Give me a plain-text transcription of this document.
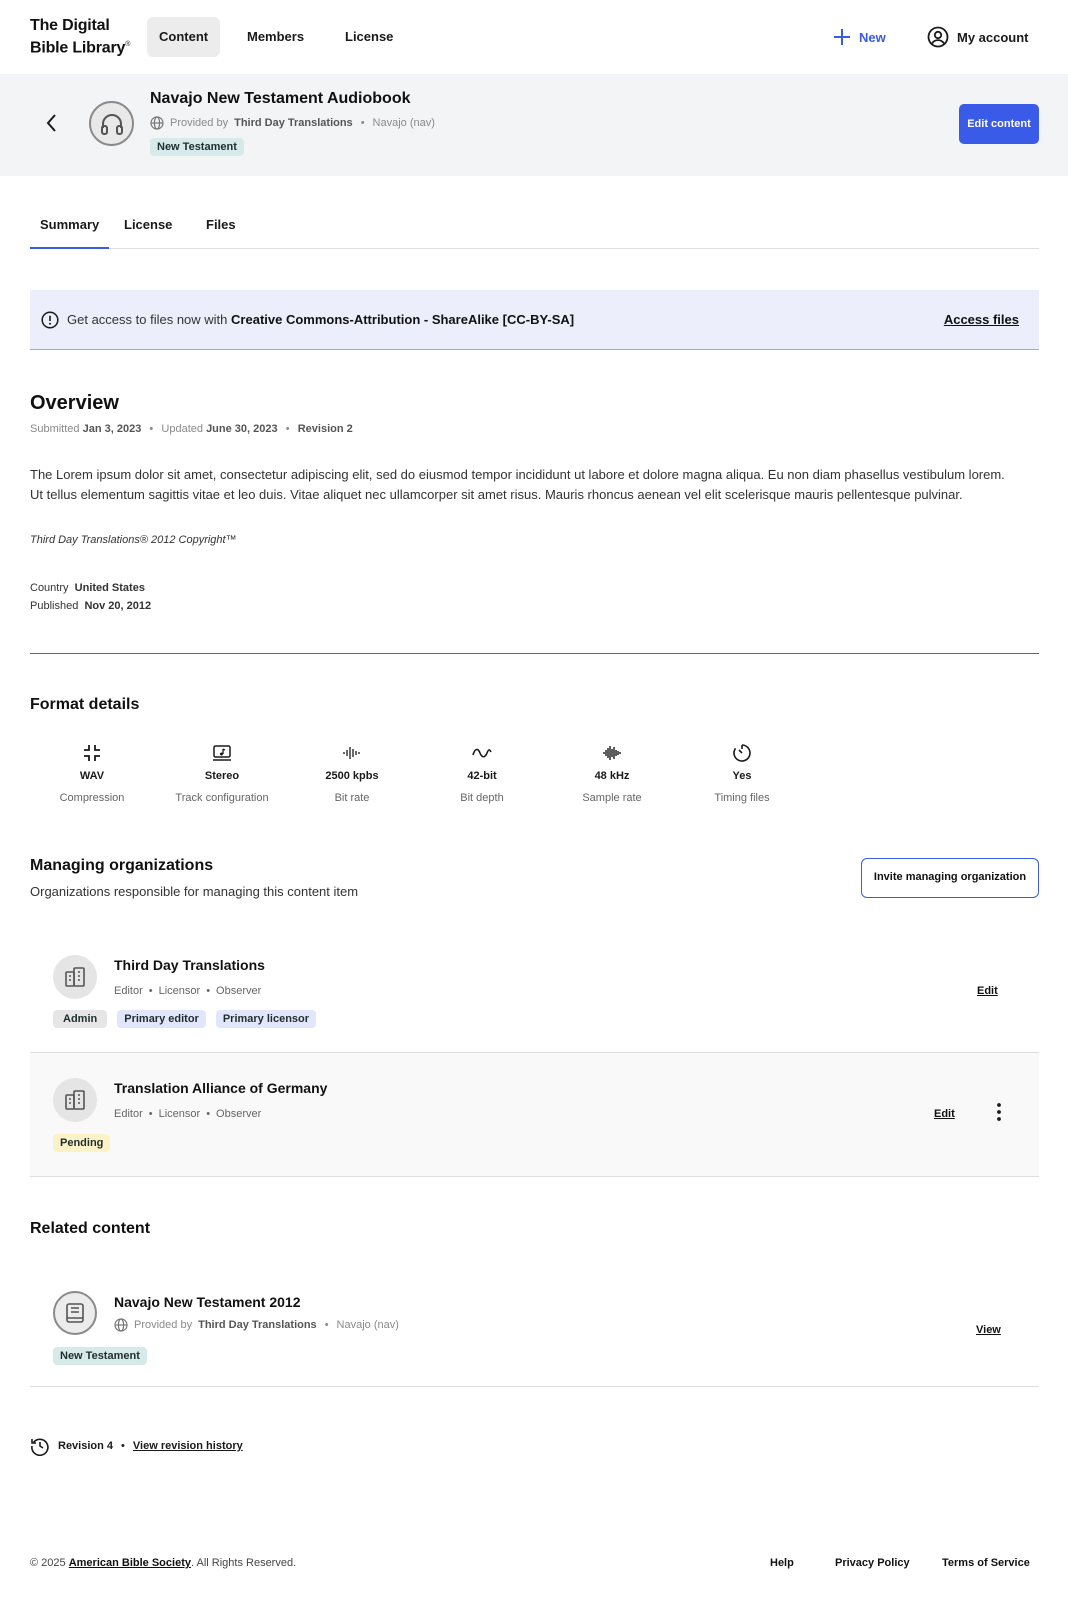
The Digital
Bible Library®
Content	Members	License	New	My account
Navajo New Testament Audiobook
Provided by Third Day Translations • Navajo (nav)
New Testament
Edit content
Summary	License	Files
Get access to files now with Creative Commons-Attribution - ShareAlike [CC-BY-SA]	Access files
Overview
Submitted Jan 3, 2023  •  Updated June 30, 2023  •  Revision 2
The Lorem ipsum dolor sit amet, consectetur adipiscing elit, sed do eiusmod tempor incididunt ut labore et dolore magna aliqua. Eu non diam phasellus vestibulum lorem.
Ut tellus elementum sagittis vitae et leo duis. Vitae aliquet nec ullamcorper sit amet risus. Mauris rhoncus aenean vel elit scelerisque mauris pellentesque pulvinar.
Third Day Translations® 2012 Copyright™
Country United States
Published Nov 20, 2012
Format details
WAV
Compression
Stereo
Track configuration
2500 kpbs
Bit rate
42-bit
Bit depth
48 kHz
Sample rate
Yes
Timing files
Managing organizations
Organizations responsible for managing this content item
Invite managing organization
Third Day Translations
Editor • Licensor • Observer
Admin	Primary editor	Primary licensor
Edit
Translation Alliance of Germany
Editor • Licensor • Observer
Pending
Edit
Related content
Navajo New Testament 2012
Provided by Third Day Translations • Navajo (nav)
New Testament
View
Revision 4 • View revision history
© 2025 American Bible Society. All Rights Reserved.	Help	Privacy Policy	Terms of Service
